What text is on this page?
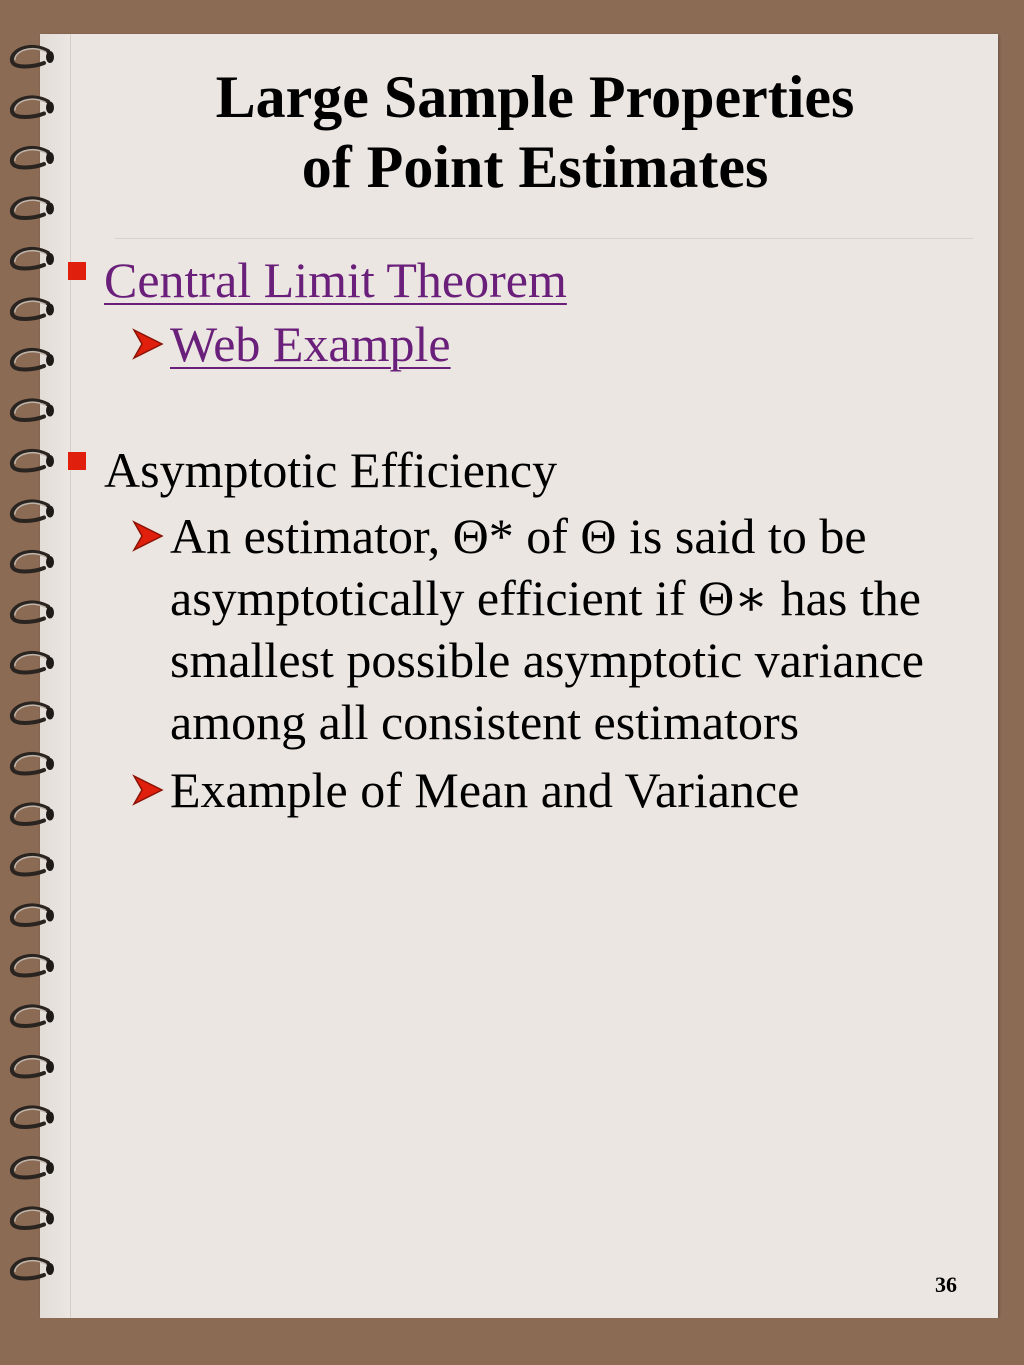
Large Sample Properties
of Point Estimates
Central Limit Theorem
Web Example
Asymptotic Efficiency
An estimator, Θ* of Θ is said to be asymptotically efficient if Θ∗ has the smallest possible asymptotic variance among all consistent estimators
Example of Mean and Variance
36
